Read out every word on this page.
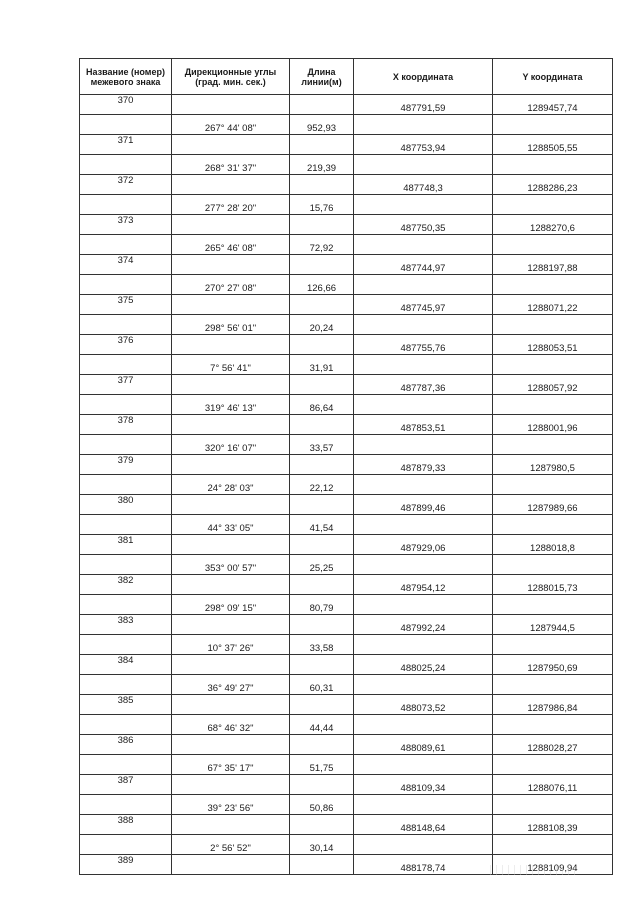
Название (номер) межевого знака	Дирекционные углы (град. мин. сек.)	Длина линии(м)	X координата	Y координата
370			487791,59	1289457,74
	267° 44' 08"	952,93		
371			487753,94	1288505,55
	268° 31' 37"	219,39		
372			487748,3	1288286,23
	277° 28' 20"	15,76		
373			487750,35	1288270,6
	265° 46' 08"	72,92		
374			487744,97	1288197,88
	270° 27' 08"	126,66		
375			487745,97	1288071,22
	298° 56' 01"	20,24		
376			487755,76	1288053,51
	7° 56' 41"	31,91		
377			487787,36	1288057,92
	319° 46' 13"	86,64		
378			487853,51	1288001,96
	320° 16' 07"	33,57		
379			487879,33	1287980,5
	24° 28' 03"	22,12		
380			487899,46	1287989,66
	44° 33' 05"	41,54		
381			487929,06	1288018,8
	353° 00' 57"	25,25		
382			487954,12	1288015,73
	298° 09' 15"	80,79		
383			487992,24	1287944,5
	10° 37' 26"	33,58		
384			488025,24	1287950,69
	36° 49' 27"	60,31		
385			488073,52	1287986,84
	68° 46' 32"	44,44		
386			488089,61	1288028,27
	67° 35' 17"	51,75		
387			488109,34	1288076,11
	39° 23' 56"	50,86		
388			488148,64	1288108,39
	2° 56' 52"	30,14		
389			488178,74	1288109,94
